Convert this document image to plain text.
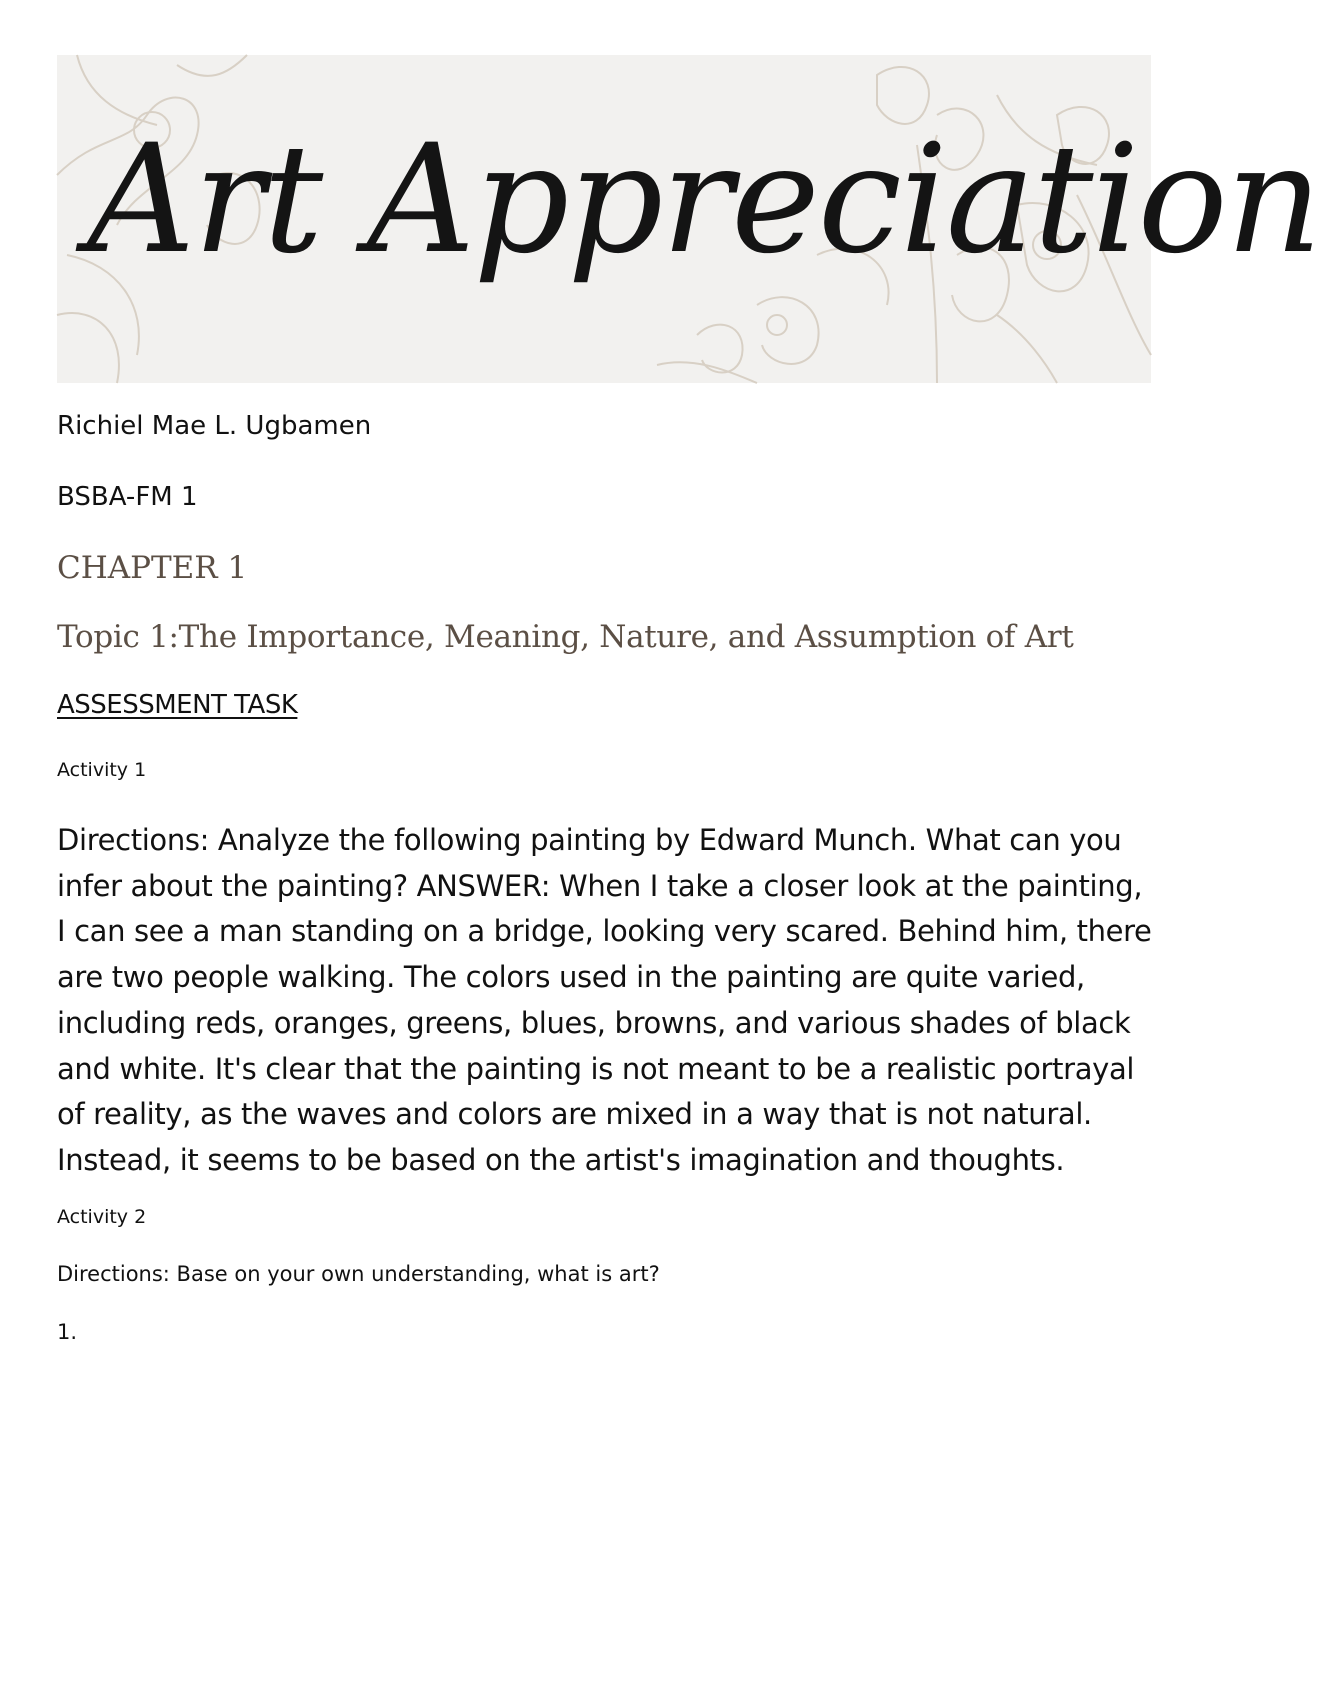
Art Appreciation
Richiel Mae L. Ugbamen
BSBA-FM 1
CHAPTER 1
Topic 1:The Importance, Meaning, Nature, and Assumption of Art
ASSESSMENT TASK
Activity 1
Directions: Analyze the following painting by Edward Munch. What can you infer about the painting? ANSWER: When I take a closer look at the painting, I can see a man standing on a bridge, looking very scared. Behind him, there are two people walking. The colors used in the painting are quite varied, including reds, oranges, greens, blues, browns, and various shades of black and white. It's clear that the painting is not meant to be a realistic portrayal of reality, as the waves and colors are mixed in a way that is not natural. Instead, it seems to be based on the artist's imagination and thoughts.
Activity 2
Directions: Base on your own understanding, what is art?
1.
